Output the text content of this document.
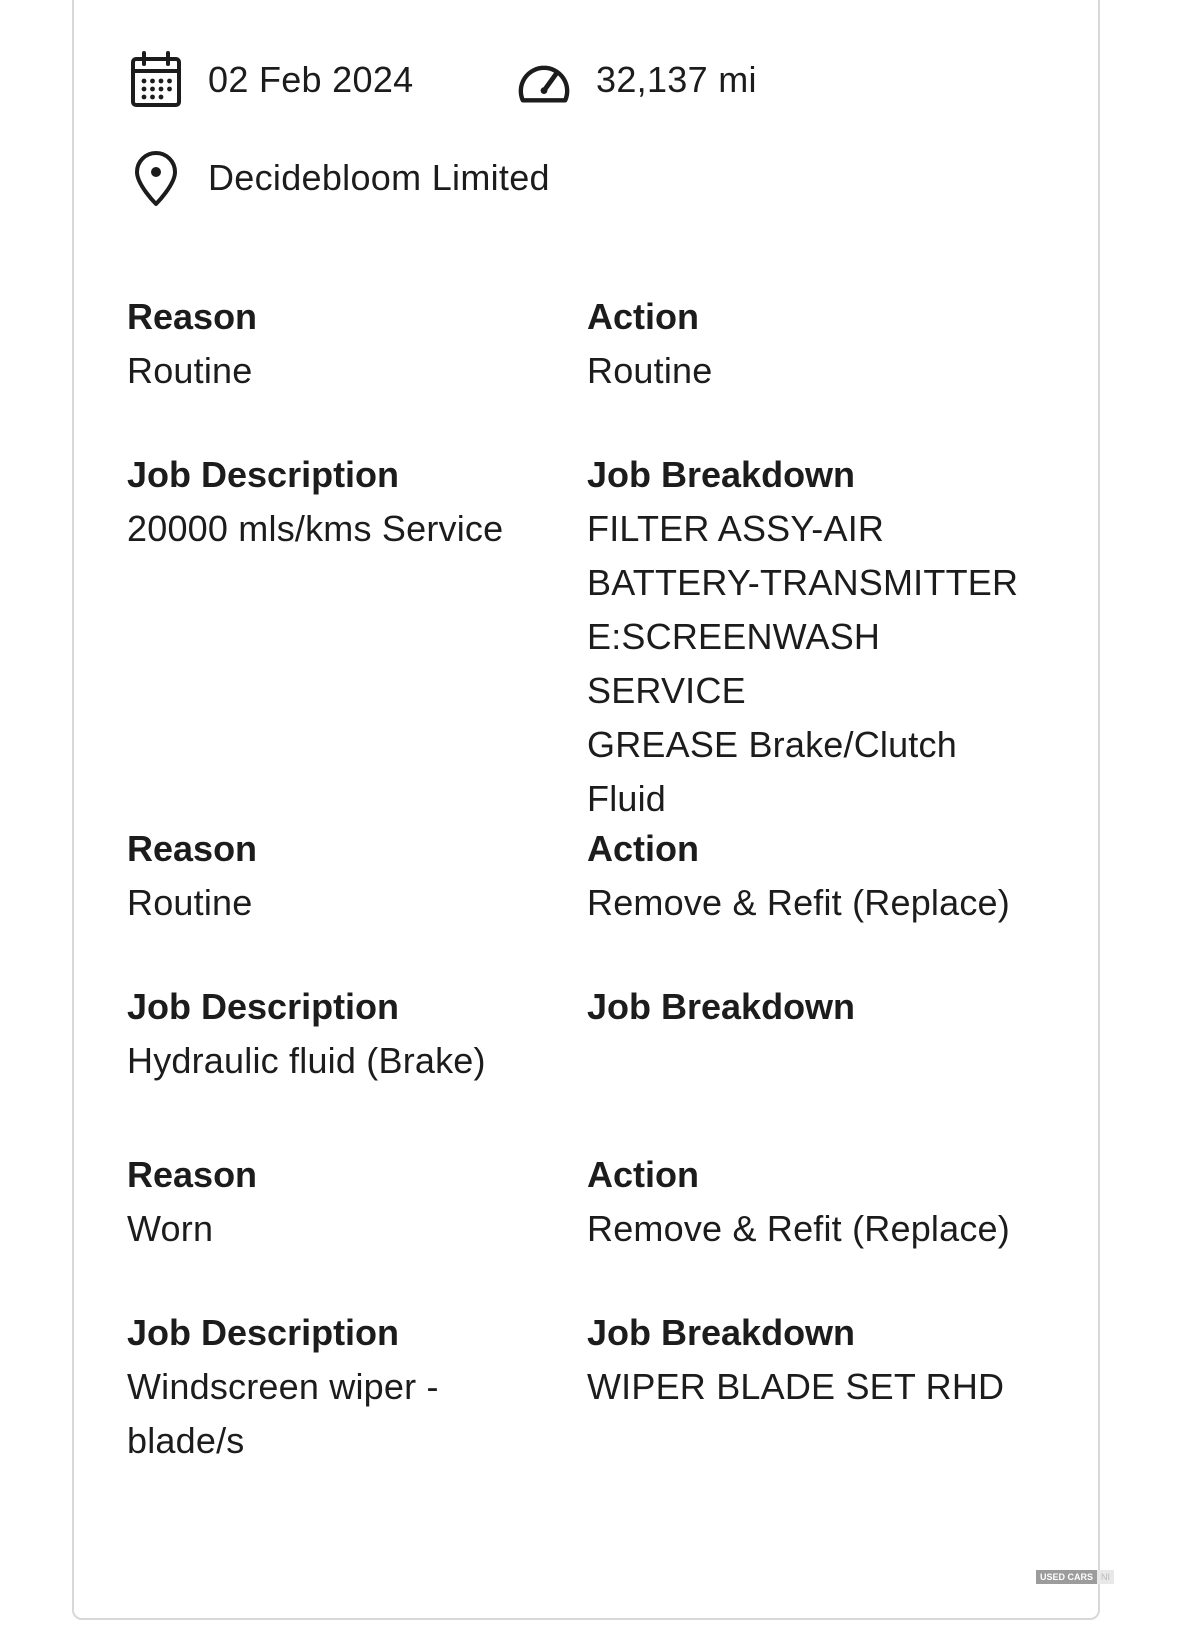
02 Feb 2024	32,137 mi
Decidebloom Limited
Reason
Routine
Action
Routine
Job Description
20000 mls/kms Service
Job Breakdown
FILTER ASSY-AIR
BATTERY-TRANSMITTER
E:SCREENWASH SERVICE
GREASE Brake/Clutch
Fluid
Reason
Routine
Action
Remove & Refit (Replace)
Job Description
Hydraulic fluid (Brake)
Job Breakdown
Reason
Worn
Action
Remove & Refit (Replace)
Job Description
Windscreen wiper - blade/s
Job Breakdown
WIPER BLADE SET RHD
USED CARS NI
